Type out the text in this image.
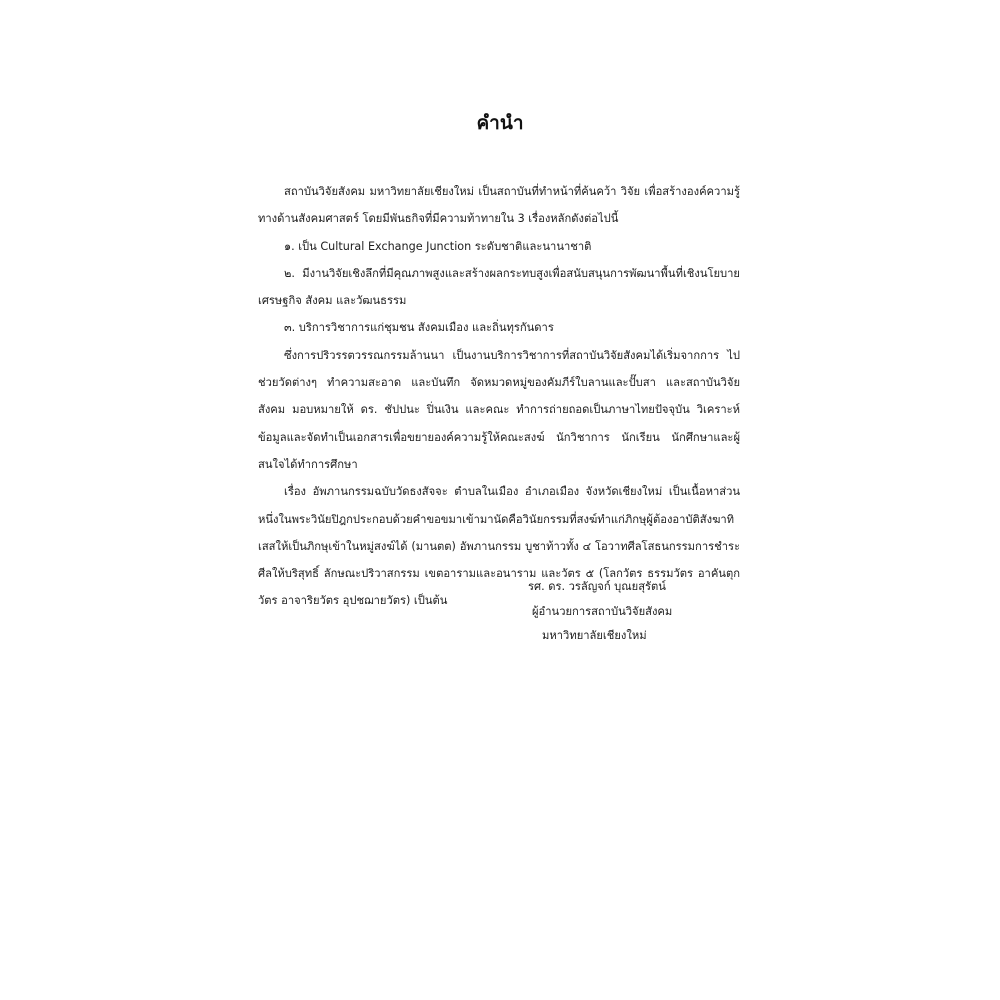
คำนำ

สถาบันวิจัยสังคม มหาวิทยาลัยเชียงใหม่ เป็นสถาบันที่ทำหน้าที่ค้นคว้า วิจัย เพื่อสร้างองค์ความรู้ทางด้านสังคมศาสตร์ โดยมีพันธกิจที่มีความท้าทายใน 3 เรื่องหลักดังต่อไปนี้

๑. เป็น Cultural Exchange Junction ระดับชาติและนานาชาติ

๒. มีงานวิจัยเชิงลึกที่มีคุณภาพสูงและสร้างผลกระทบสูงเพื่อสนับสนุนการพัฒนาพื้นที่เชิงนโยบาย เศรษฐกิจ สังคม และวัฒนธรรม

๓. บริการวิชาการแก่ชุมชน สังคมเมือง และถิ่นทุรกันดาร

ซึ่งการปริวรรตวรรณกรรมล้านนา เป็นงานบริการวิชาการที่สถาบันวิจัยสังคมได้เริ่มจากการ ไปช่วยวัดต่างๆ ทำความสะอาด และบันทึก จัดหมวดหมู่ของคัมภีร์ใบลานและปั๊บสา และสถาบันวิจัยสังคม มอบหมายให้ ดร. ชัปปนะ ปิ่นเงิน และคณะ ทำการถ่ายถอดเป็นภาษาไทยปัจจุบัน วิเคราะห์ข้อมูลและจัดทำเป็นเอกสารเพื่อขยายองค์ความรู้ให้คณะสงฆ์ นักวิชาการ นักเรียน นักศึกษาและผู้สนใจได้ทำการศึกษา

เรื่อง อัพภานกรรมฉบับวัดธงสัจจะ ตำบลในเมือง อำเภอเมือง จังหวัดเชียงใหม่ เป็นเนื้อหาส่วนหนึ่งในพระวินัยปิฎกประกอบด้วยคำขอขมาเข้ามานัดคือวินัยกรรมที่สงฆ์ทำแก่ภิกษุผู้ต้องอาบัติสังฆาทิเสสให้เป็นภิกษุเข้าในหมู่สงฆ์ได้ (มานตต) อัพภานกรรม บูชาท้าวทั้ง ๔ โอวาทศีลโสธนกรรมการชำระศีลให้บริสุทธิ์ ลักษณะปริวาสกรรม เขตอารามและอนาราม และวัตร ๕ (โลกวัตร ธรรมวัตร อาคันตุกวัตร อาจาริยวัตร อุปชฌายวัตร) เป็นต้น

รศ. ดร. วรลัญจก์ บุณยสุรัตน์
ผู้อำนวยการสถาบันวิจัยสังคม
มหาวิทยาลัยเชียงใหม่
